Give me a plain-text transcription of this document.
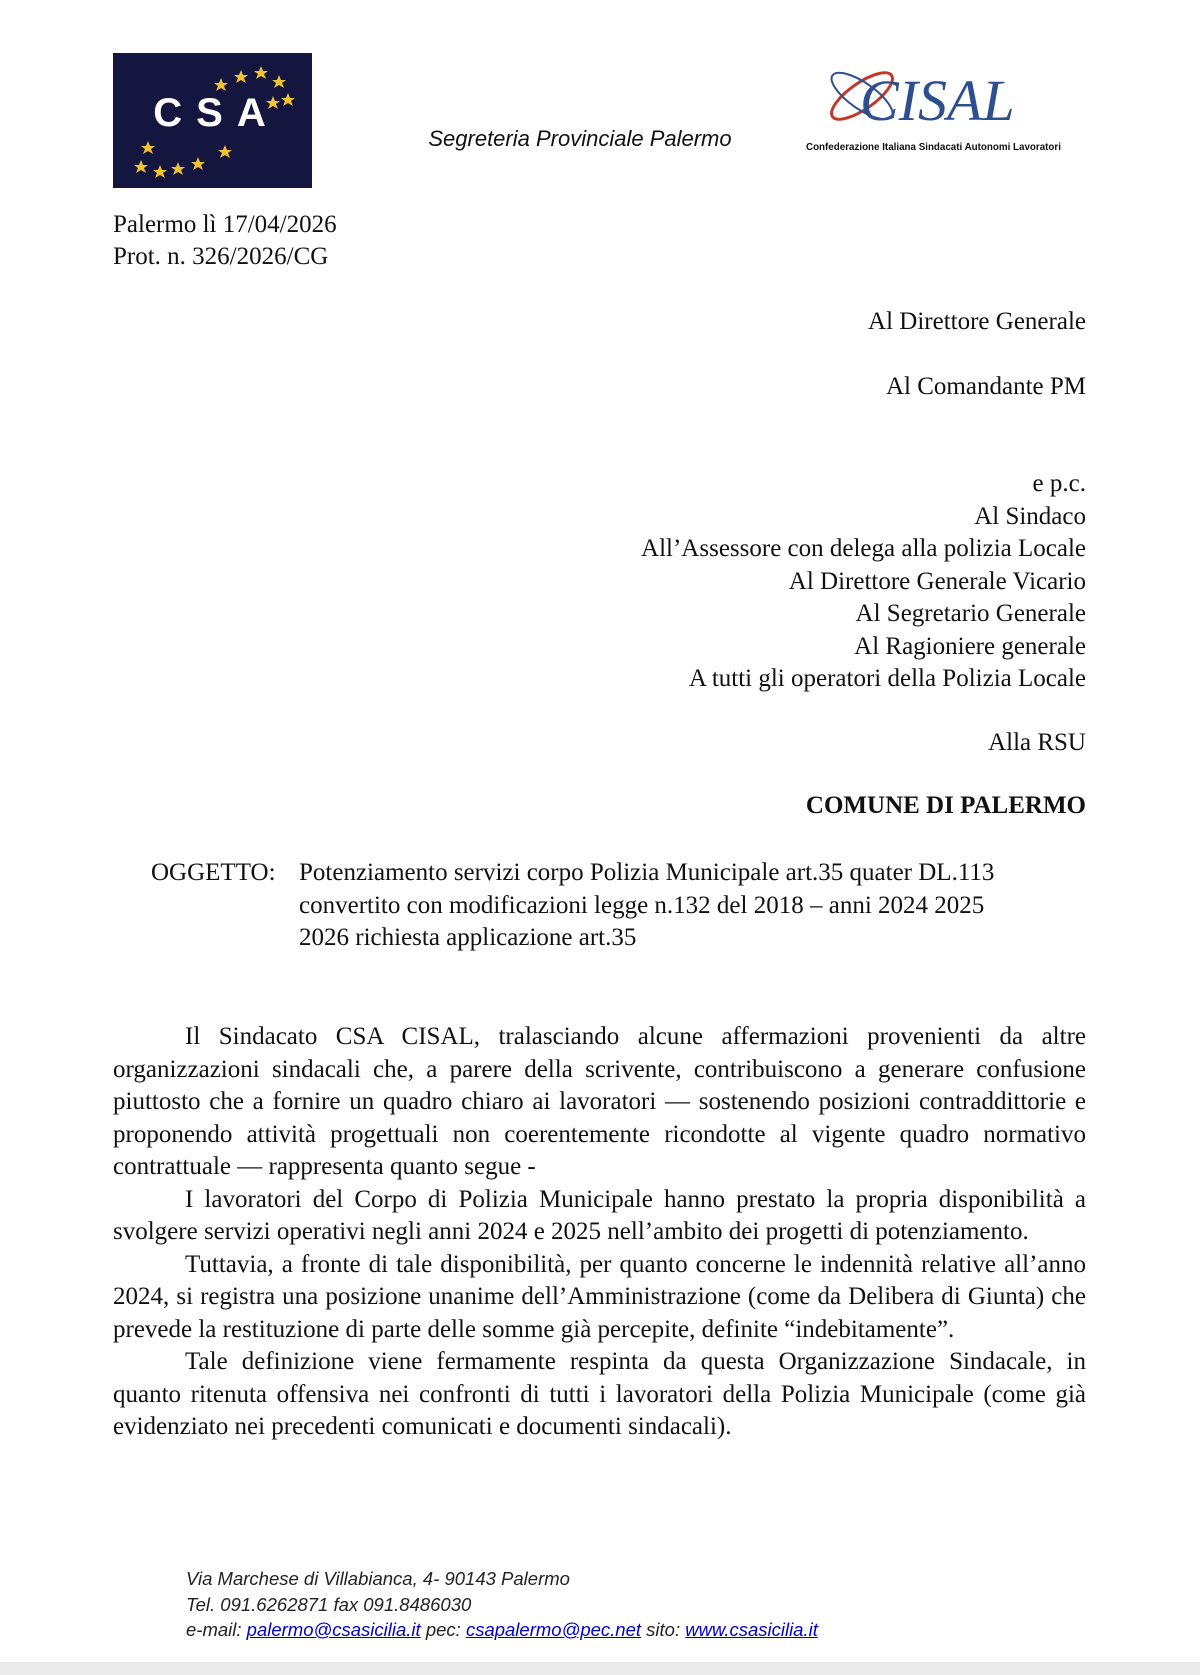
CSA
Segreteria Provinciale Palermo
CISAL
Confederazione Italiana Sindacati Autonomi Lavoratori
Palermo lì 17/04/2026
Prot. n. 326/2026/CG
Al Direttore Generale
Al Comandante PM
e p.c.
Al Sindaco
All’Assessore con delega alla polizia Locale
Al Direttore Generale Vicario
Al Segretario Generale
Al Ragioniere generale
A tutti gli operatori della Polizia Locale
Alla RSU
COMUNE DI PALERMO
OGGETTO: Potenziamento servizi corpo Polizia Municipale art.35 quater DL.113
convertito con modificazioni legge n.132 del 2018 – anni 2024 2025
2026 richiesta applicazione art.35

Il Sindacato CSA CISAL, tralasciando alcune affermazioni provenienti da altre organizzazioni sindacali che, a parere della scrivente, contribuiscono a generare confusione piuttosto che a fornire un quadro chiaro ai lavoratori — sostenendo posizioni contraddittorie e proponendo attività progettuali non coerentemente ricondotte al vigente quadro normativo contrattuale — rappresenta quanto segue -

I lavoratori del Corpo di Polizia Municipale hanno prestato la propria disponibilità a svolgere servizi operativi negli anni 2024 e 2025 nell’ambito dei progetti di potenziamento.

Tuttavia, a fronte di tale disponibilità, per quanto concerne le indennità relative all’anno 2024, si registra una posizione unanime dell’Amministrazione (come da Delibera di Giunta) che prevede la restituzione di parte delle somme già percepite, definite “indebitamente”.

Tale definizione viene fermamente respinta da questa Organizzazione Sindacale, in quanto ritenuta offensiva nei confronti di tutti i lavoratori della Polizia Municipale (come già evidenziato nei precedenti comunicati e documenti sindacali).

Via Marchese di Villabianca, 4- 90143 Palermo
Tel. 091.6262871 fax 091.8486030
e-mail: palermo@csasicilia.it pec: csapalermo@pec.net sito: www.csasicilia.it
